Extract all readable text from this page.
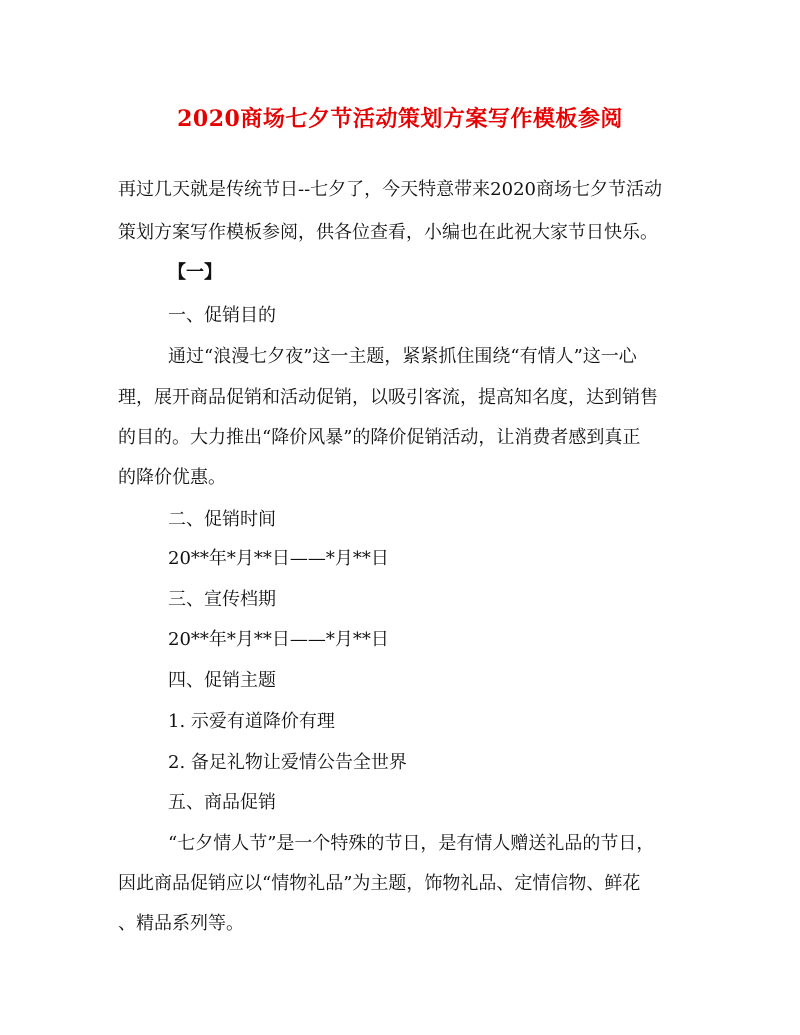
2020商场七夕节活动策划方案写作模板参阅
再过几天就是传统节日--七夕了，今天特意带来2020商场七夕节活动
策划方案写作模板参阅，供各位查看，小编也在此祝大家节日快乐。
【一】
一、促销目的
通过“浪漫七夕夜”这一主题，紧紧抓住围绕“有情人”这一心
理，展开商品促销和活动促销，以吸引客流，提高知名度，达到销售
的目的。大力推出“降价风暴”的降价促销活动，让消费者感到真正
的降价优惠。
二、促销时间
20**年*月**日——*月**日
三、宣传档期
20**年*月**日——*月**日
四、促销主题
1. 示爱有道降价有理
2. 备足礼物让爱情公告全世界
五、商品促销
“七夕情人节”是一个特殊的节日，是有情人赠送礼品的节日，
因此商品促销应以“情物礼品”为主题，饰物礼品、定情信物、鲜花
、精品系列等。
